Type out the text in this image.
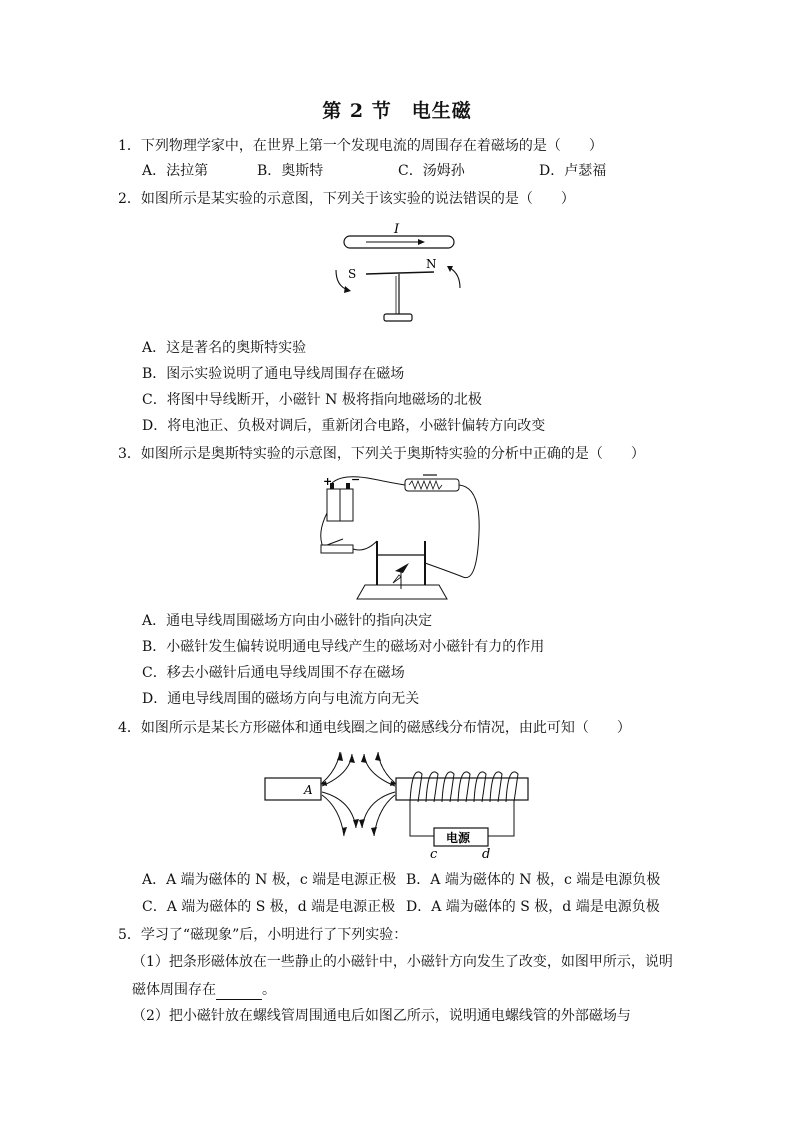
第 2 节　电生磁
1．下列物理学家中，在世界上第一个发现电流的周围存在着磁场的是（　　）
A．法拉第	B．奥斯特	C．汤姆孙	D．卢瑟福
2．如图所示是某实验的示意图，下列关于该实验的说法错误的是（　　）
I
S
N
A．这是著名的奥斯特实验
B．图示实验说明了通电导线周围存在磁场
C．将图中导线断开，小磁针 N 极将指向地磁场的北极
D．将电池正、负极对调后，重新闭合电路，小磁针偏转方向改变
3．如图所示是奥斯特实验的示意图，下列关于奥斯特实验的分析中正确的是（　　）
+ −
A．通电导线周围磁场方向由小磁针的指向决定
B．小磁针发生偏转说明通电导线产生的磁场对小磁针有力的作用
C．移去小磁针后通电导线周围不存在磁场
D．通电导线周围的磁场方向与电流方向无关
4．如图所示是某长方形磁体和通电线圈之间的磁感线分布情况，由此可知（　　）
A
电源
c	d
A．A 端为磁体的 N 极，c 端是电源正极 B．A 端为磁体的 N 极，c 端是电源负极
C．A 端为磁体的 S 极，d 端是电源正极 D．A 端为磁体的 S 极，d 端是电源负极
5．学习了“磁现象”后，小明进行了下列实验：
（1）把条形磁体放在一些静止的小磁针中，小磁针方向发生了改变，如图甲所示，说明
磁体周围存在	。
（2）把小磁针放在螺线管周围通电后如图乙所示，说明通电螺线管的外部磁场与
